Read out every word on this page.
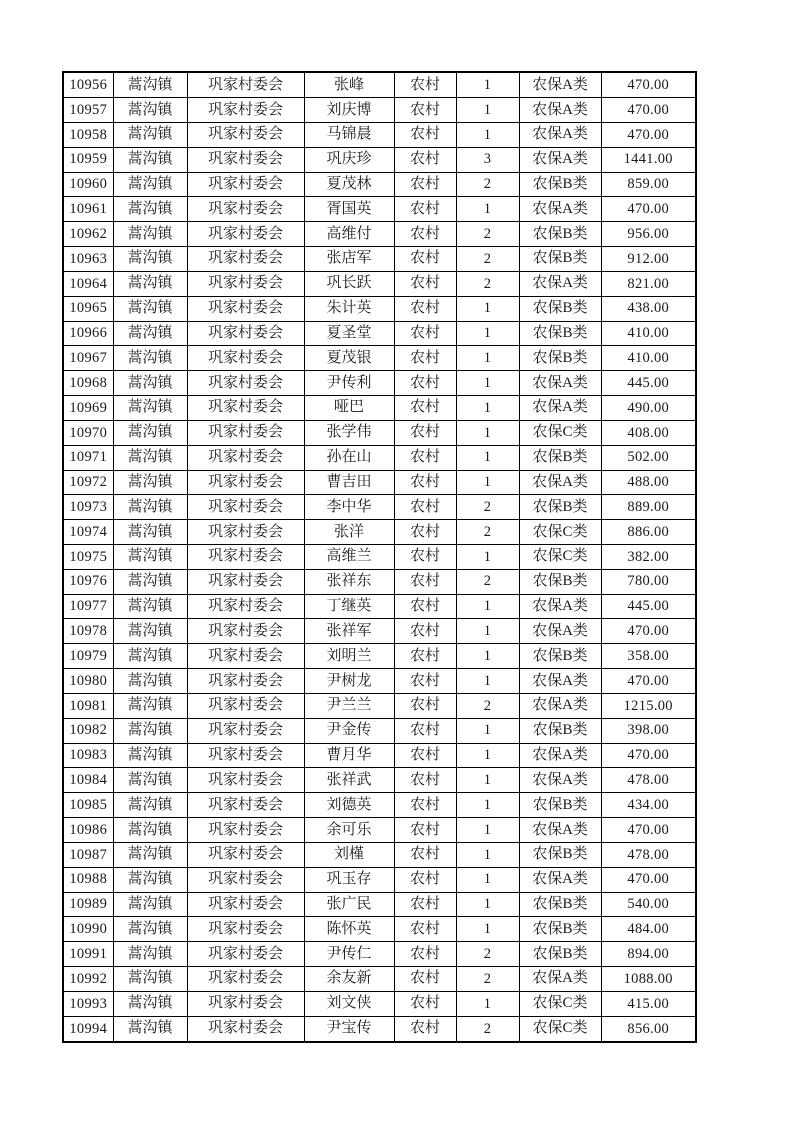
10956	蒿沟镇	巩家村委会	张峰	农村	1	农保A类	470.00
10957	蒿沟镇	巩家村委会	刘庆博	农村	1	农保A类	470.00
10958	蒿沟镇	巩家村委会	马锦晨	农村	1	农保A类	470.00
10959	蒿沟镇	巩家村委会	巩庆珍	农村	3	农保A类	1441.00
10960	蒿沟镇	巩家村委会	夏茂林	农村	2	农保B类	859.00
10961	蒿沟镇	巩家村委会	胥国英	农村	1	农保A类	470.00
10962	蒿沟镇	巩家村委会	高维付	农村	2	农保B类	956.00
10963	蒿沟镇	巩家村委会	张店军	农村	2	农保B类	912.00
10964	蒿沟镇	巩家村委会	巩长跃	农村	2	农保A类	821.00
10965	蒿沟镇	巩家村委会	朱计英	农村	1	农保B类	438.00
10966	蒿沟镇	巩家村委会	夏圣堂	农村	1	农保B类	410.00
10967	蒿沟镇	巩家村委会	夏茂银	农村	1	农保B类	410.00
10968	蒿沟镇	巩家村委会	尹传利	农村	1	农保A类	445.00
10969	蒿沟镇	巩家村委会	哑巴	农村	1	农保A类	490.00
10970	蒿沟镇	巩家村委会	张学伟	农村	1	农保C类	408.00
10971	蒿沟镇	巩家村委会	孙在山	农村	1	农保B类	502.00
10972	蒿沟镇	巩家村委会	曹吉田	农村	1	农保A类	488.00
10973	蒿沟镇	巩家村委会	李中华	农村	2	农保B类	889.00
10974	蒿沟镇	巩家村委会	张洋	农村	2	农保C类	886.00
10975	蒿沟镇	巩家村委会	高维兰	农村	1	农保C类	382.00
10976	蒿沟镇	巩家村委会	张祥东	农村	2	农保B类	780.00
10977	蒿沟镇	巩家村委会	丁继英	农村	1	农保A类	445.00
10978	蒿沟镇	巩家村委会	张祥军	农村	1	农保A类	470.00
10979	蒿沟镇	巩家村委会	刘明兰	农村	1	农保B类	358.00
10980	蒿沟镇	巩家村委会	尹树龙	农村	1	农保A类	470.00
10981	蒿沟镇	巩家村委会	尹兰兰	农村	2	农保A类	1215.00
10982	蒿沟镇	巩家村委会	尹金传	农村	1	农保B类	398.00
10983	蒿沟镇	巩家村委会	曹月华	农村	1	农保A类	470.00
10984	蒿沟镇	巩家村委会	张祥武	农村	1	农保A类	478.00
10985	蒿沟镇	巩家村委会	刘德英	农村	1	农保B类	434.00
10986	蒿沟镇	巩家村委会	余可乐	农村	1	农保A类	470.00
10987	蒿沟镇	巩家村委会	刘槿	农村	1	农保B类	478.00
10988	蒿沟镇	巩家村委会	巩玉存	农村	1	农保A类	470.00
10989	蒿沟镇	巩家村委会	张广民	农村	1	农保B类	540.00
10990	蒿沟镇	巩家村委会	陈怀英	农村	1	农保B类	484.00
10991	蒿沟镇	巩家村委会	尹传仁	农村	2	农保B类	894.00
10992	蒿沟镇	巩家村委会	余友新	农村	2	农保A类	1088.00
10993	蒿沟镇	巩家村委会	刘文侠	农村	1	农保C类	415.00
10994	蒿沟镇	巩家村委会	尹宝传	农村	2	农保C类	856.00
